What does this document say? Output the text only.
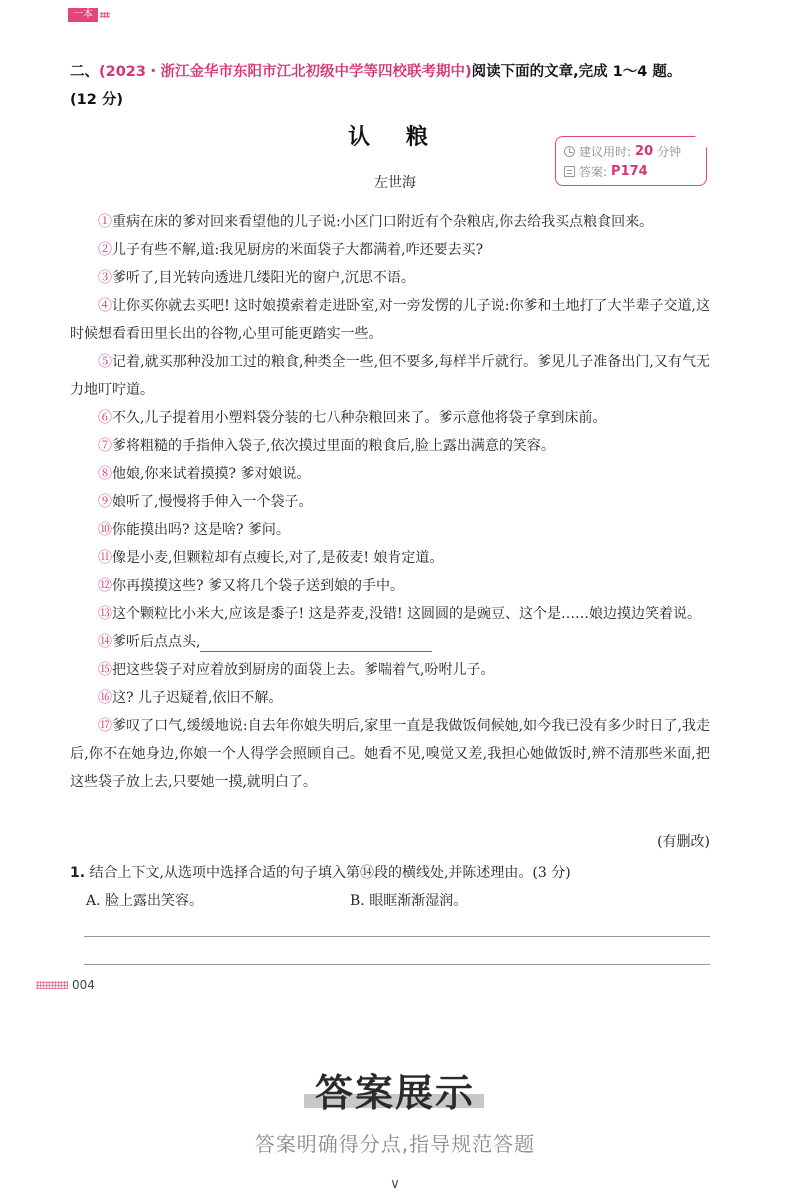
一本
二、(2023・浙江金华市东阳市江北初级中学等四校联考期中)阅读下面的文章,完成 1～4 题。
(12 分)
认 粮
左世海
建议用时: 20 分钟
答案: P174

①重病在床的爹对回来看望他的儿子说:小区门口附近有个杂粮店,你去给我买点粮食回来。

②儿子有些不解,道:我见厨房的米面袋子大都满着,咋还要去买?

③爹听了,目光转向透进几缕阳光的窗户,沉思不语。

④让你买你就去买吧! 这时娘摸索着走进卧室,对一旁发愣的儿子说:你爹和土地打了大半辈子交道,这时候想看看田里长出的谷物,心里可能更踏实一些。

⑤记着,就买那种没加工过的粮食,种类全一些,但不要多,每样半斤就行。爹见儿子准备出门,又有气无力地叮咛道。

⑥不久,儿子提着用小塑料袋分装的七八种杂粮回来了。爹示意他将袋子拿到床前。

⑦爹将粗糙的手指伸入袋子,依次摸过里面的粮食后,脸上露出满意的笑容。

⑧他娘,你来试着摸摸? 爹对娘说。

⑨娘听了,慢慢将手伸入一个袋子。

⑩你能摸出吗? 这是啥? 爹问。

⑪像是小麦,但颗粒却有点瘦长,对了,是莜麦! 娘肯定道。

⑫你再摸摸这些? 爹又将几个袋子送到娘的手中。

⑬这个颗粒比小米大,应该是黍子! 这是荞麦,没错! 这圆圆的是豌豆、这个是……娘边摸边笑着说。

⑭爹听后点点头,

⑮把这些袋子对应着放到厨房的面袋上去。爹喘着气,吩咐儿子。

⑯这? 儿子迟疑着,依旧不解。

⑰爹叹了口气,缓缓地说:自去年你娘失明后,家里一直是我做饭伺候她,如今我已没有多少时日了,我走后,你不在她身边,你娘一个人得学会照顾自己。她看不见,嗅觉又差,我担心她做饭时,辨不清那些米面,把这些袋子放上去,只要她一摸,就明白了。

(有删改)
1. 结合上下文,从选项中选择合适的句子填入第⑭段的横线处,并陈述理由。(3 分)
A. 脸上露出笑容。	B. 眼眶渐渐湿润。
004
答案展示
答案明确得分点,指导规范答题
∨
